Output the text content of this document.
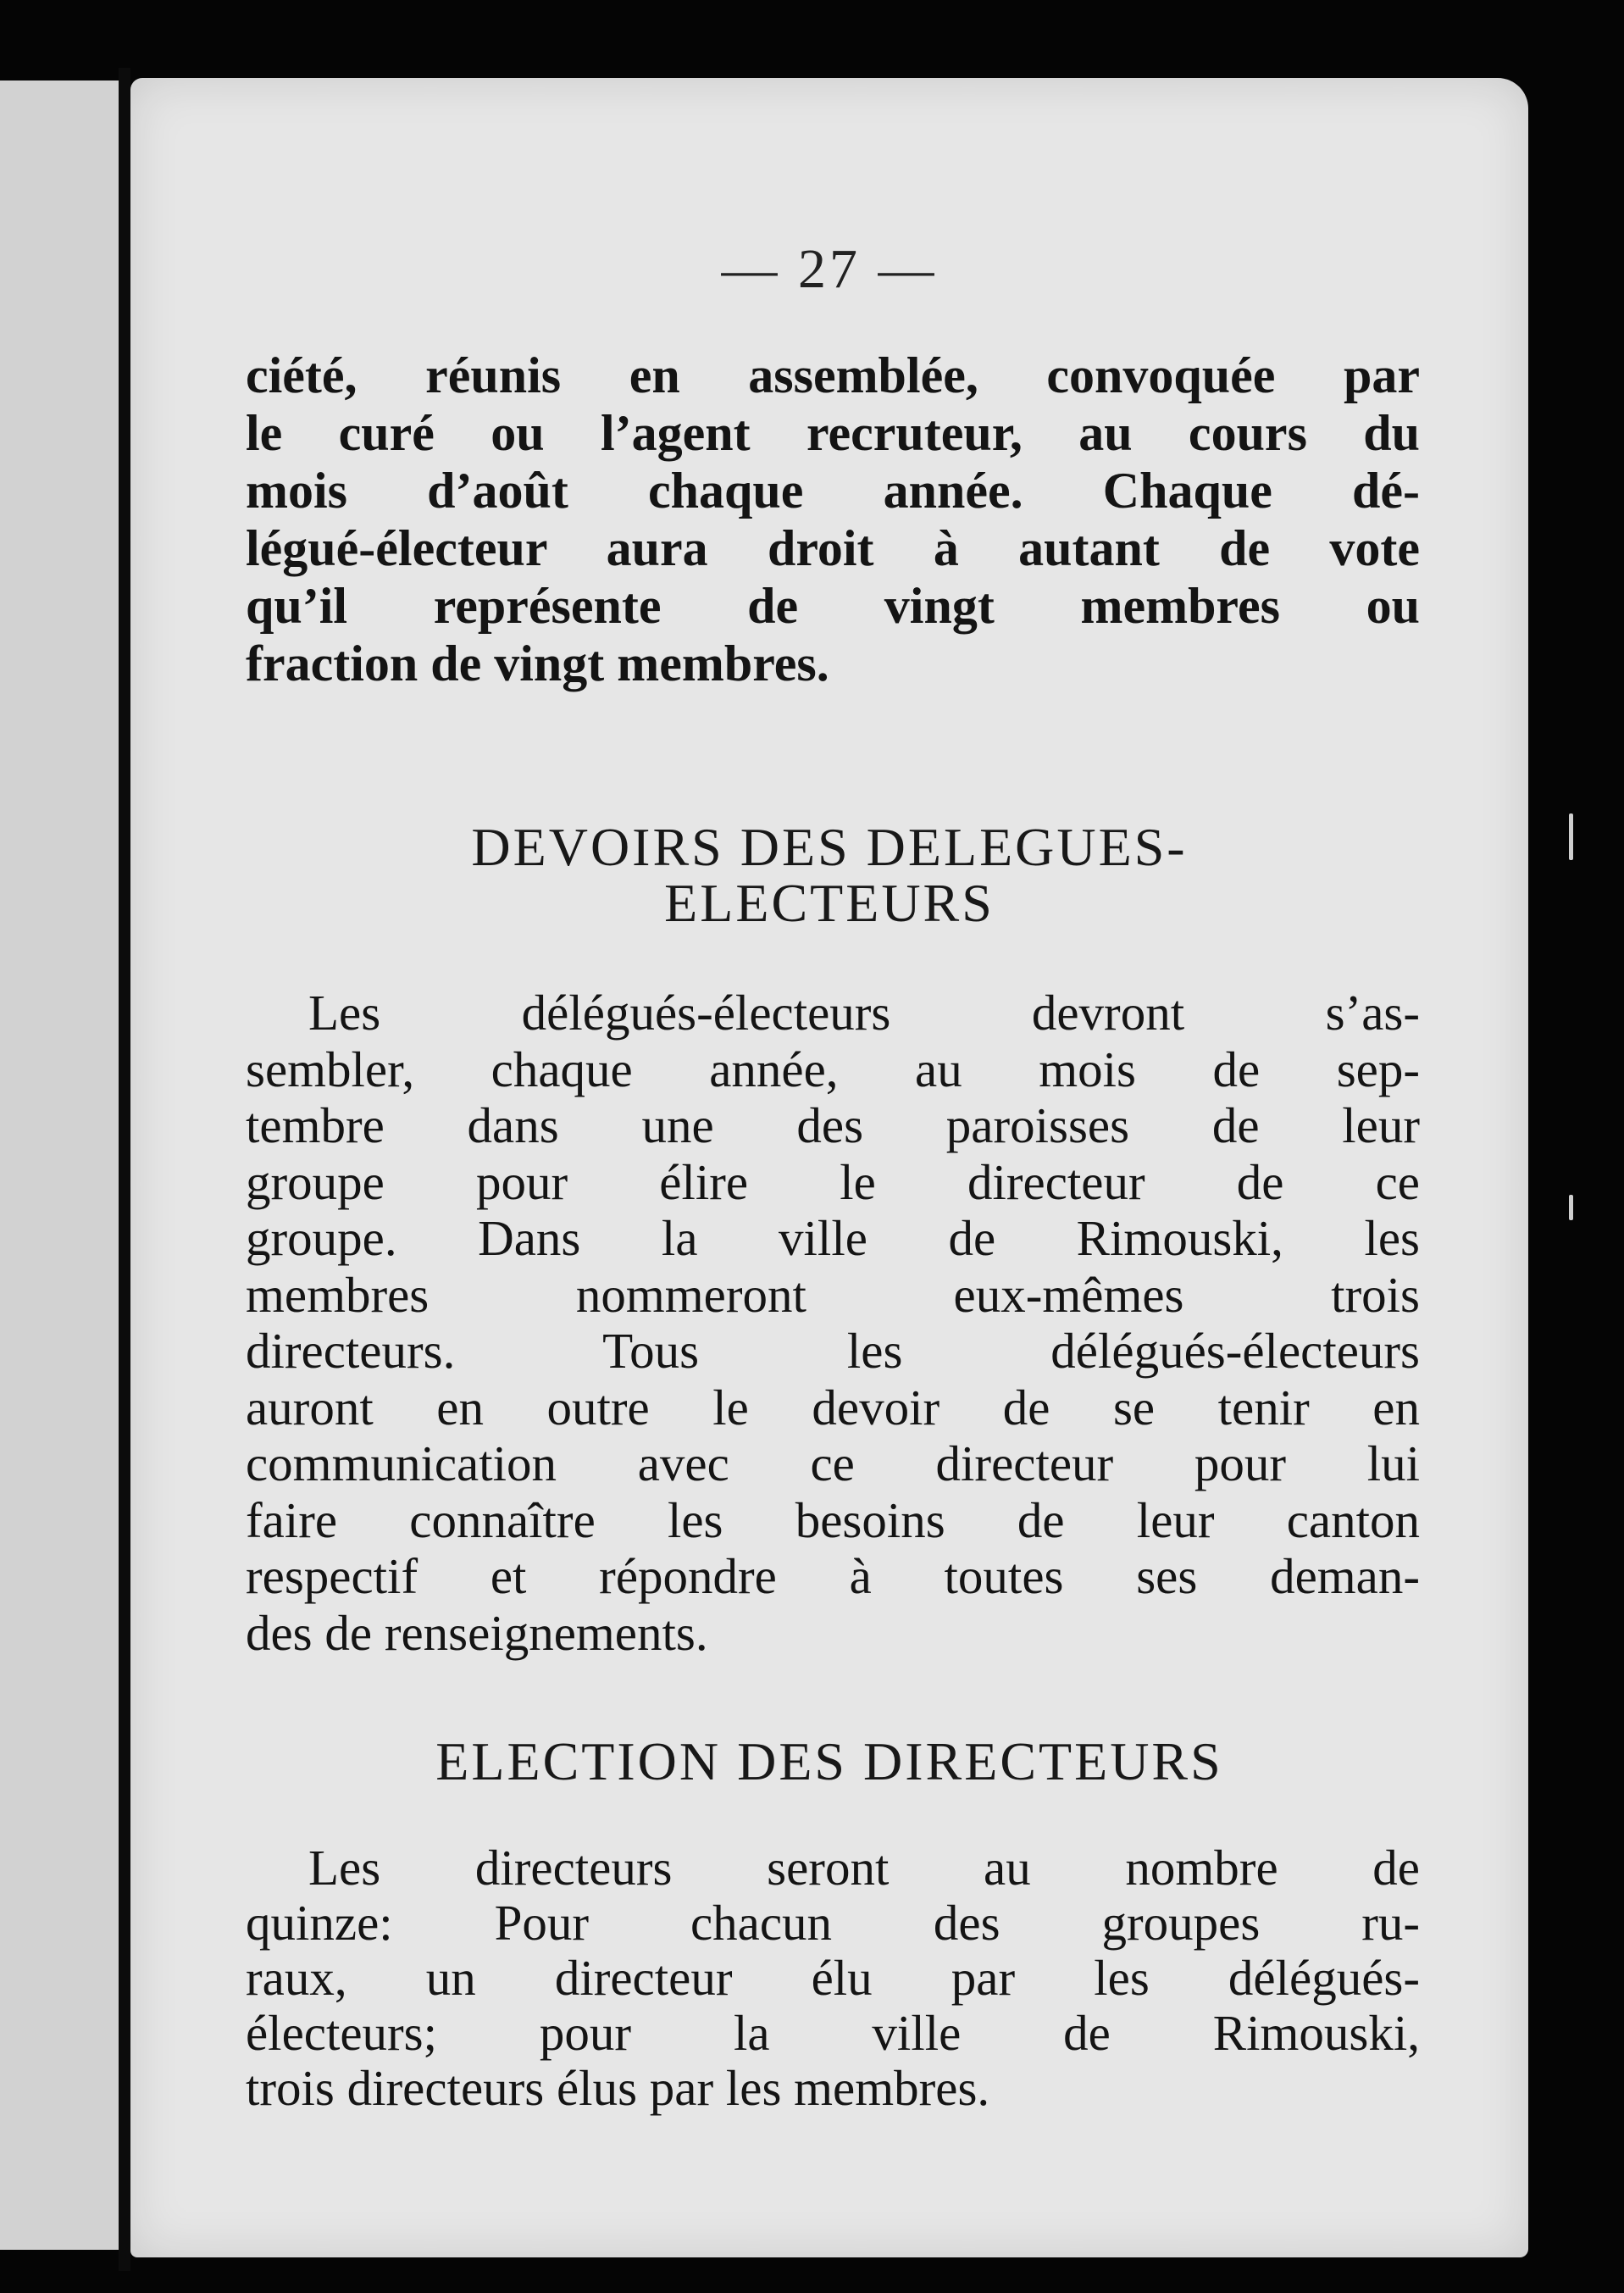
— 27 —

ciété, réunis en assemblée, convoquée par
le curé ou l’agent recruteur, au cours du
mois d’août chaque année. Chaque dé-
légué-électeur aura droit à autant de vote
qu’il représente de vingt membres ou
fraction de vingt membres.

DEVOIRS DES DELEGUES-
ELECTEURS

Les délégués-électeurs devront s’as-
sembler, chaque année, au mois de sep-
tembre dans une des paroisses de leur
groupe pour élire le directeur de ce
groupe. Dans la ville de Rimouski, les
membres nommeront eux-mêmes trois
directeurs. Tous les délégués-électeurs
auront en outre le devoir de se tenir en
communication avec ce directeur pour lui
faire connaître les besoins de leur canton
respectif et répondre à toutes ses deman-
des de renseignements.

ELECTION DES DIRECTEURS

Les directeurs seront au nombre de
quinze: Pour chacun des groupes ru-
raux, un directeur élu par les délégués-
électeurs; pour la ville de Rimouski,
trois directeurs élus par les membres.
